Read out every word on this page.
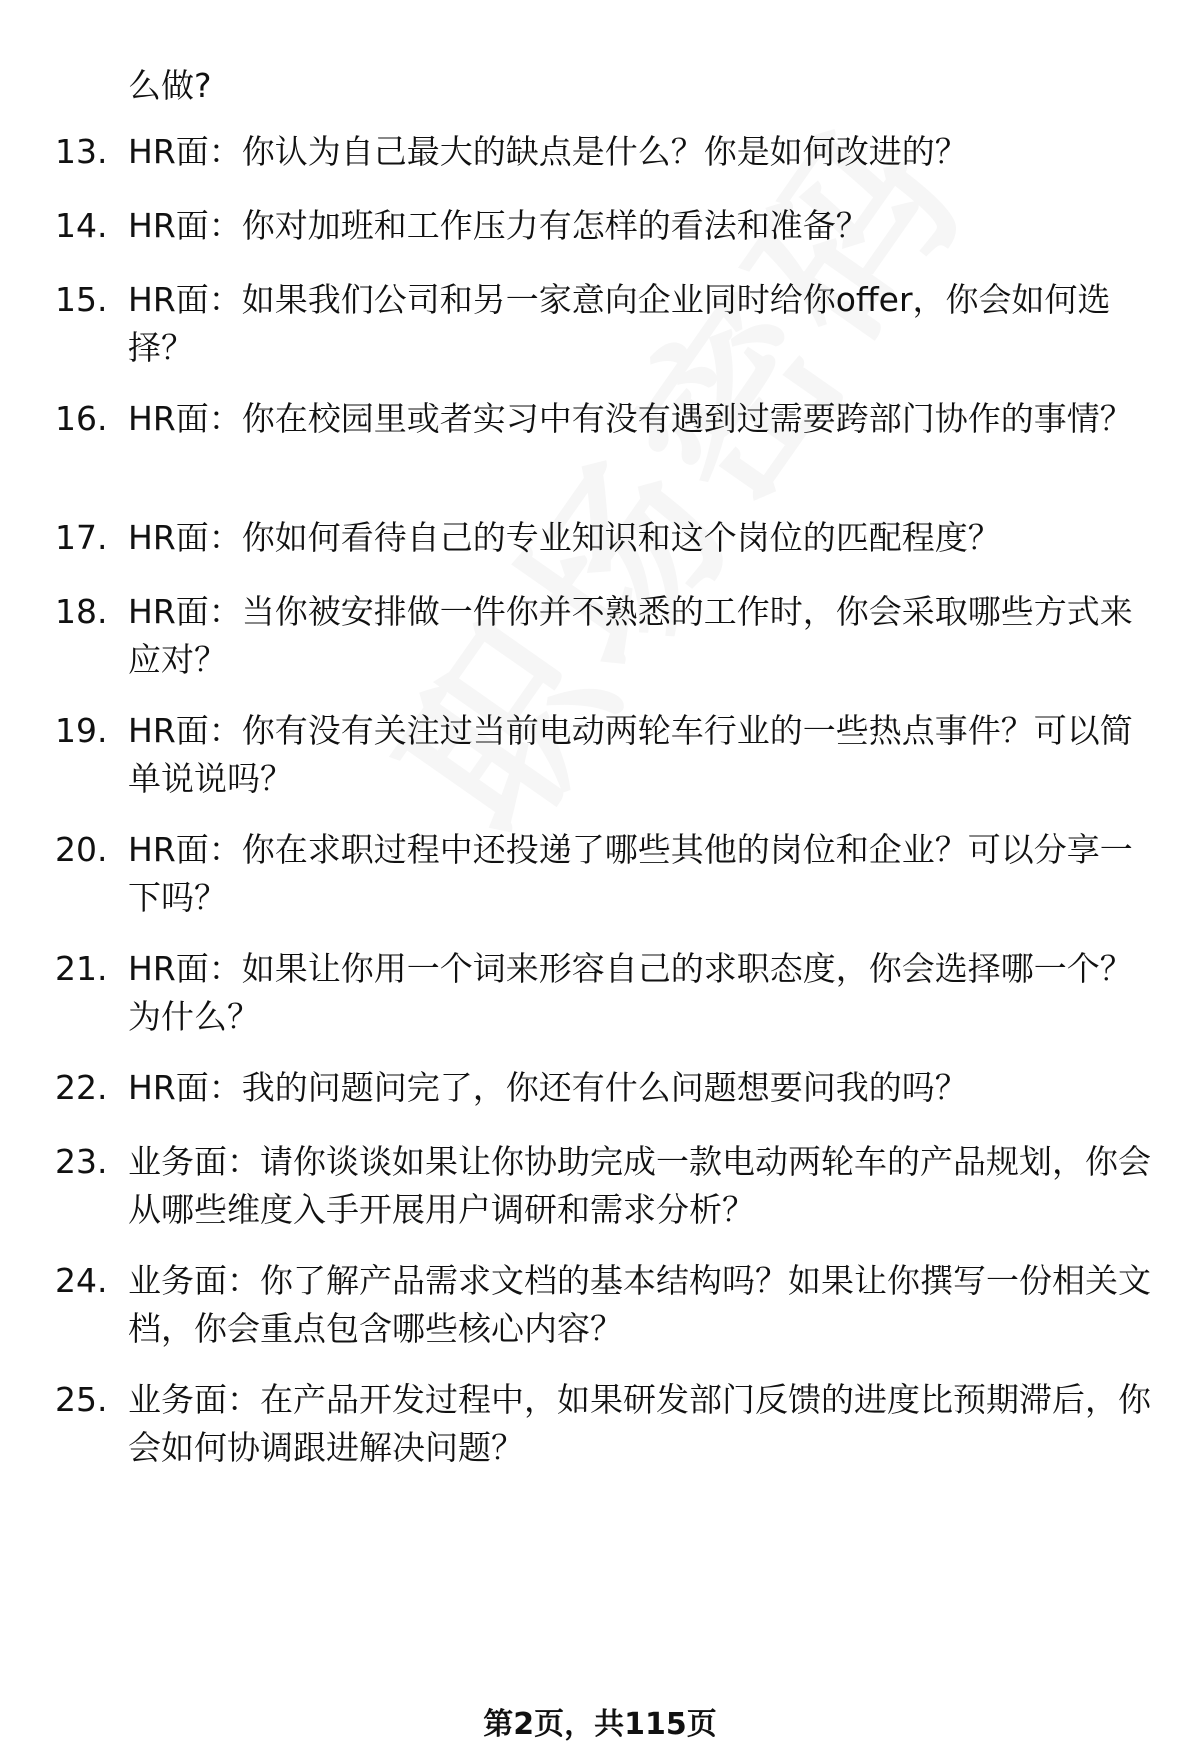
么做?
13. HR面：你认为自己最大的缺点是什么？你是如何改进的？
14. HR面：你对加班和工作压力有怎样的看法和准备？
15. HR面：如果我们公司和另一家意向企业同时给你offer，你会如何选择？
16. HR面：你在校园里或者实习中有没有遇到过需要跨部门协作的事情？
17. HR面：你如何看待自己的专业知识和这个岗位的匹配程度？
18. HR面：当你被安排做一件你并不熟悉的工作时，你会采取哪些方式来应对？
19. HR面：你有没有关注过当前电动两轮车行业的一些热点事件？可以简单说说吗？
20. HR面：你在求职过程中还投递了哪些其他的岗位和企业？可以分享一下吗？
21. HR面：如果让你用一个词来形容自己的求职态度，你会选择哪一个？为什么？
22. HR面：我的问题问完了，你还有什么问题想要问我的吗？
23. 业务面：请你谈谈如果让你协助完成一款电动两轮车的产品规划，你会从哪些维度入手开展用户调研和需求分析？
24. 业务面：你了解产品需求文档的基本结构吗？如果让你撰写一份相关文档，你会重点包含哪些核心内容？
25. 业务面：在产品开发过程中，如果研发部门反馈的进度比预期滞后，你会如何协调跟进解决问题？
第2页，共115页
